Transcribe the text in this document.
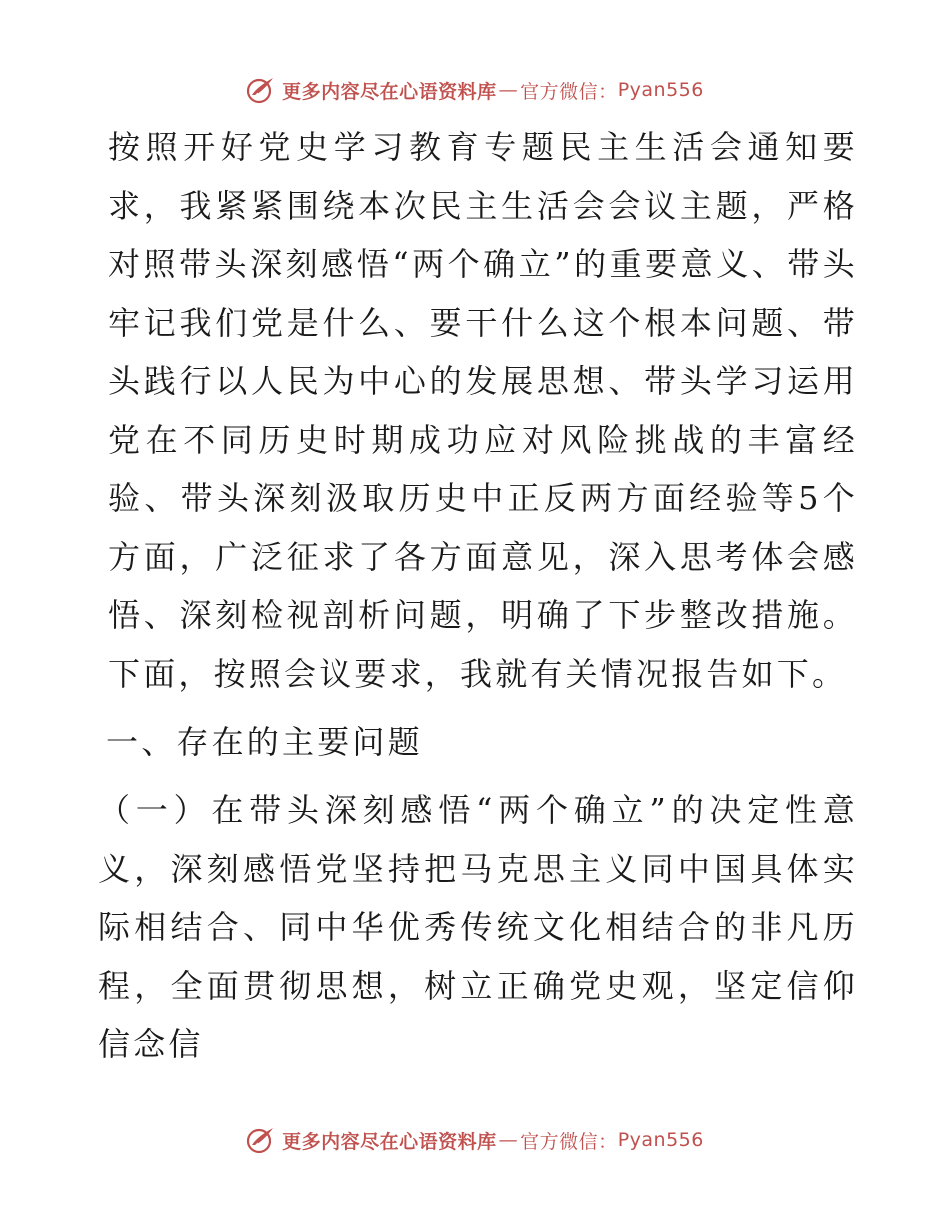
更多内容尽在心语资料库 — 官方微信： Pyan556

按照开好党史学习教育专题民主生活会通知要求，我紧紧围绕本次民主生活会会议主题，严格对照带头深刻感悟“两个确立”的重要意义、带头牢记我们党是什么、要干什么这个根本问题、带头践行以人民为中心的发展思想、带头学习运用党在不同历史时期成功应对风险挑战的丰富经验、带头深刻汲取历史中正反两方面经验等5个方面，广泛征求了各方面意见，深入思考体会感悟、深刻检视剖析问题，明确了下步整改措施。下面，按照会议要求，我就有关情况报告如下。

一、存在的主要问题

（一）在带头深刻感悟“两个确立”的决定性意义，深刻感悟党坚持把马克思主义同中国具体实际相结合、同中华优秀传统文化相结合的非凡历程，全面贯彻思想，树立正确党史观，坚定信仰信念信

更多内容尽在心语资料库 — 官方微信： Pyan556
